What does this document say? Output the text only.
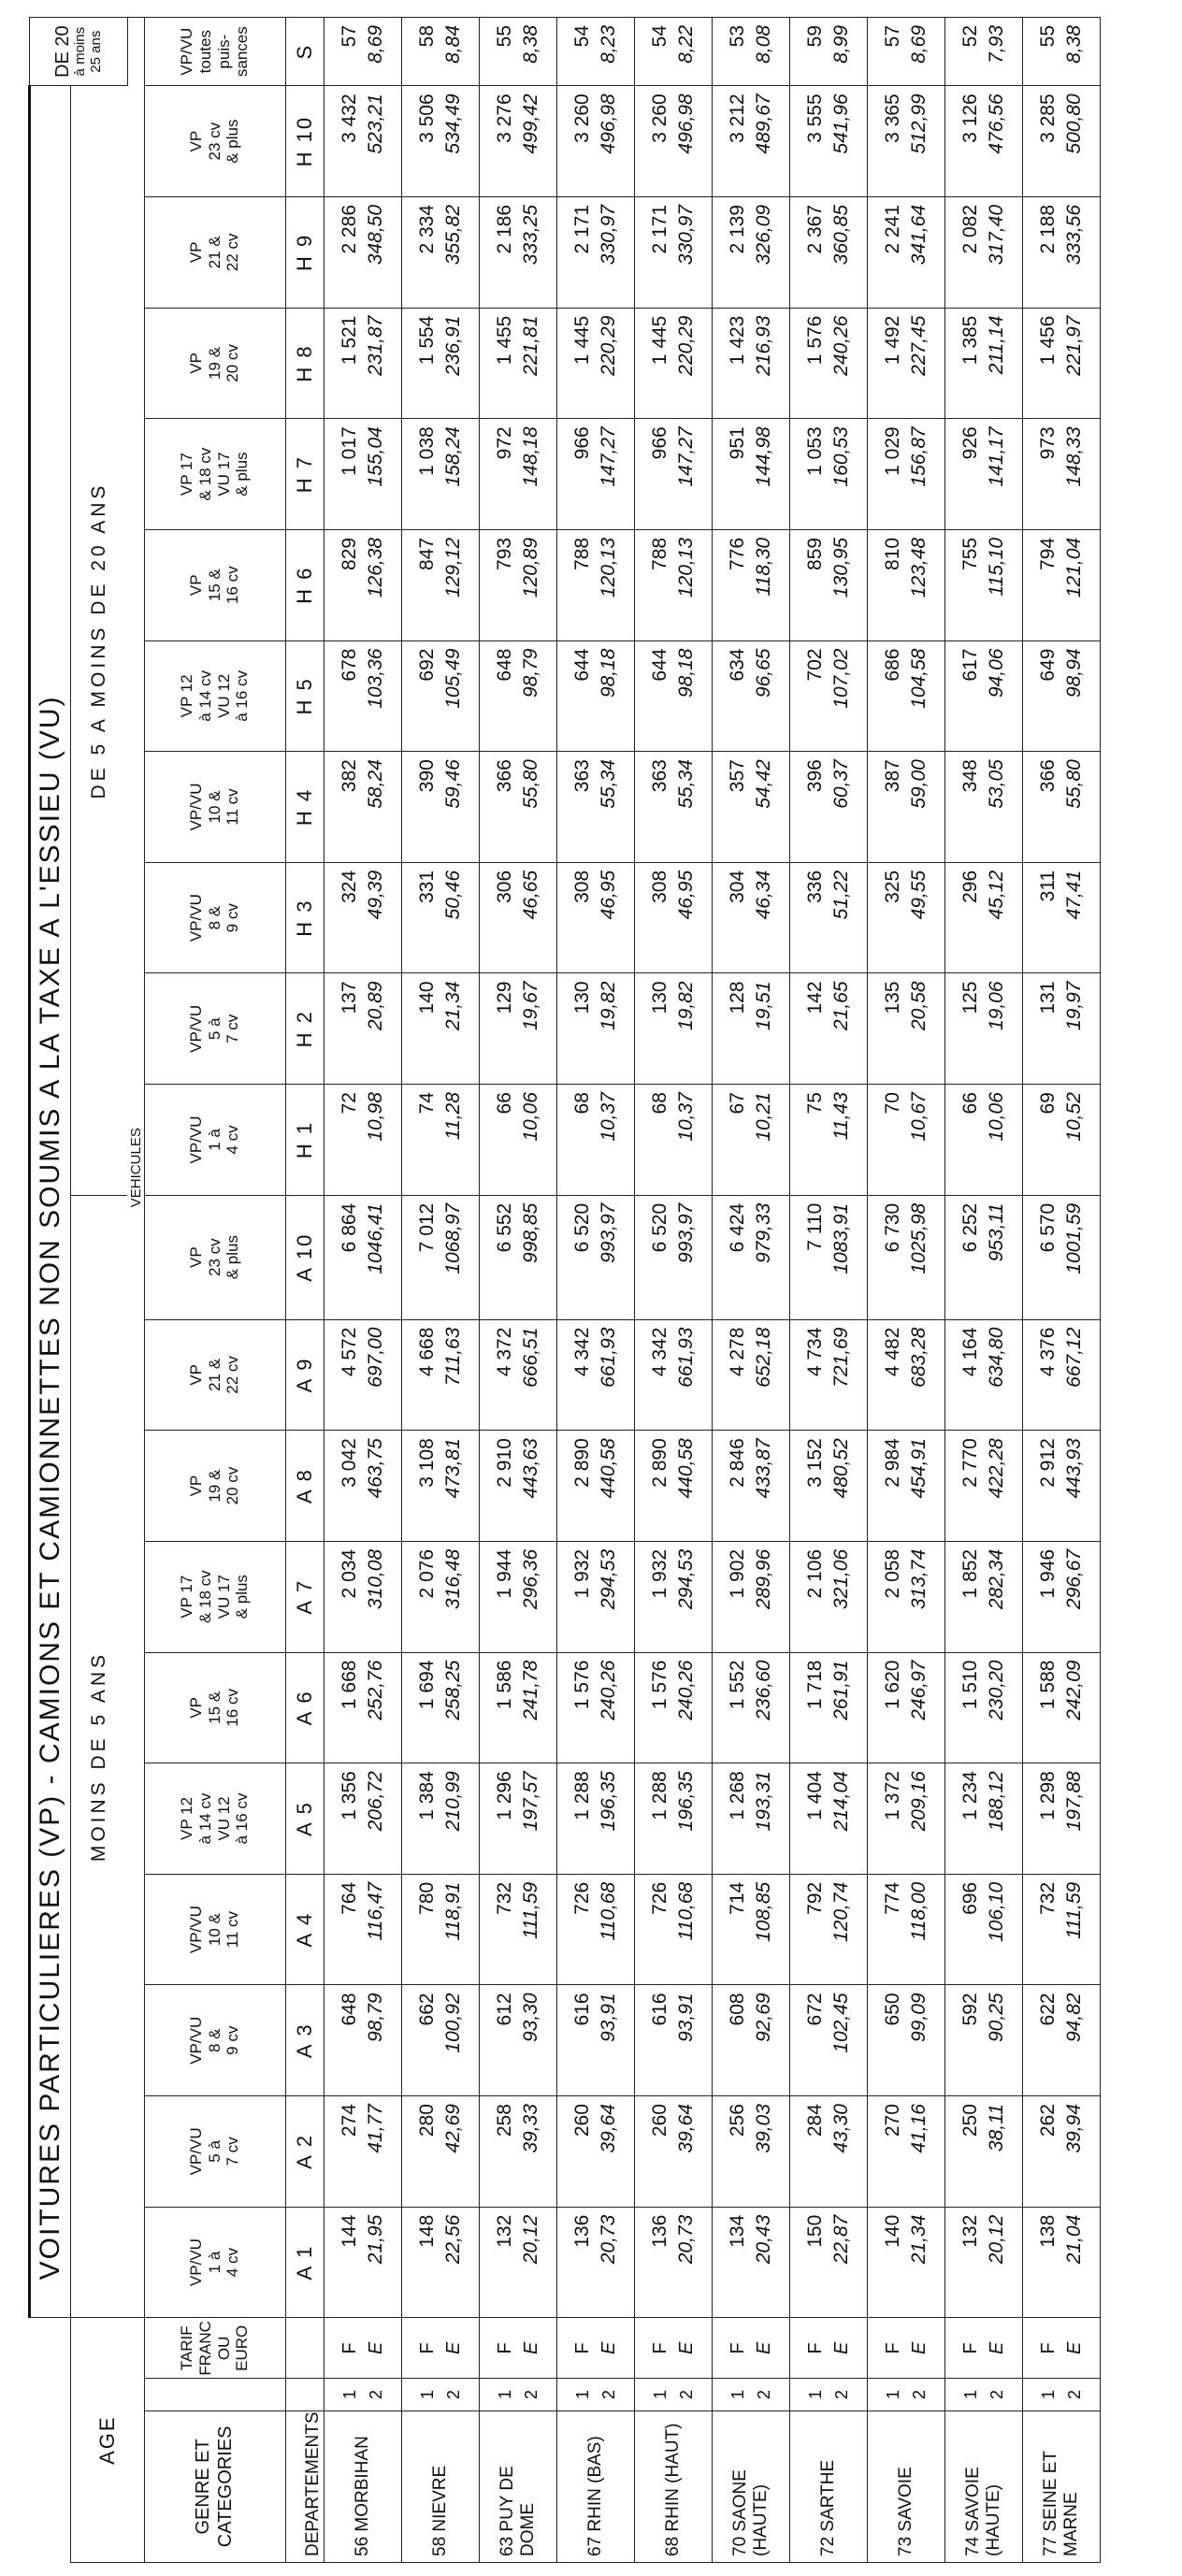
			VOITURES PARTICULIERES (VP) - CAMIONS ET CAMIONNETTES NON SOUMIS A LA TAXE A L'ESSIEU (VU)																				DE 20 à moins 25 ans

AGE			MOINS DE 5 ANS										DE 5 A MOINS DE 20 ANS										
			VEHICULES																				

GENRE ET CATEGORIES		TARIF FRANC OU EURO	VP/VU 1 à 4 cv	VP/VU 5 à 7 cv	VP/VU 8 & 9 cv	VP/VU 10 & 11 cv	VP 12 à 14 cv VU 12 à 16 cv	VP 15 & 16 cv	VP 17 & 18 cv VU 17 & plus	VP 19 & 20 cv	VP 21 & 22 cv	VP 23 cv & plus	VP/VU 1 à 4 cv	VP/VU 5 à 7 cv	VP/VU 8 & 9 cv	VP/VU 10 & 11 cv	VP 12 à 14 cv VU 12 à 16 cv	VP 15 & 16 cv	VP 17 & 18 cv VU 17 & plus	VP 19 & 20 cv	VP 21 & 22 cv	VP 23 cv & plus	VP/VU toutes puis- sances

DEPARTEMENTS			A 1	A 2	A 3	A 4	A 5	A 6	A 7	A 8	A 9	A 10	H 1	H 2	H 3	H 4	H 5	H 6	H 7	H 8	H 9	H 10	S
56 MORBIHAN	1 2	F E	144 21,95	274 41,77	648 98,79	764 116,47	1 356 206,72	1 668 252,76	2 034 310,08	3 042 463,75	4 572 697,00	6 864 1046,41	72 10,98	137 20,89	324 49,39	382 58,24	678 103,36	829 126,38	1 017 155,04	1 521 231,87	2 286 348,50	3 432 523,21	57 8,69

58 NIEVRE	1 2	F E	148 22,56	280 42,69	662 100,92	780 118,91	1 384 210,99	1 694 258,25	2 076 316,48	3 108 473,81	4 668 711,63	7 012 1068,97	74 11,28	140 21,34	331 50,46	390 59,46	692 105,49	847 129,12	1 038 158,24	1 554 236,91	2 334 355,82	3 506 534,49	58 8,84

63 PUY DE DOME	1 2	F E	132 20,12	258 39,33	612 93,30	732 111,59	1 296 197,57	1 586 241,78	1 944 296,36	2 910 443,63	4 372 666,51	6 552 998,85	66 10,06	129 19,67	306 46,65	366 55,80	648 98,79	793 120,89	972 148,18	1 455 221,81	2 186 333,25	3 276 499,42	55 8,38

67 RHIN (BAS)	1 2	F E	136 20,73	260 39,64	616 93,91	726 110,68	1 288 196,35	1 576 240,26	1 932 294,53	2 890 440,58	4 342 661,93	6 520 993,97	68 10,37	130 19,82	308 46,95	363 55,34	644 98,18	788 120,13	966 147,27	1 445 220,29	2 171 330,97	3 260 496,98	54 8,23

68 RHIN (HAUT)	1 2	F E	136 20,73	260 39,64	616 93,91	726 110,68	1 288 196,35	1 576 240,26	1 932 294,53	2 890 440,58	4 342 661,93	6 520 993,97	68 10,37	130 19,82	308 46,95	363 55,34	644 98,18	788 120,13	966 147,27	1 445 220,29	2 171 330,97	3 260 496,98	54 8,22

70 SAONE (HAUTE)	1 2	F E	134 20,43	256 39,03	608 92,69	714 108,85	1 268 193,31	1 552 236,60	1 902 289,96	2 846 433,87	4 278 652,18	6 424 979,33	67 10,21	128 19,51	304 46,34	357 54,42	634 96,65	776 118,30	951 144,98	1 423 216,93	2 139 326,09	3 212 489,67	53 8,08

72 SARTHE	1 2	F E	150 22,87	284 43,30	672 102,45	792 120,74	1 404 214,04	1 718 261,91	2 106 321,06	3 152 480,52	4 734 721,69	7 110 1083,91	75 11,43	142 21,65	336 51,22	396 60,37	702 107,02	859 130,95	1 053 160,53	1 576 240,26	2 367 360,85	3 555 541,96	59 8,99

73 SAVOIE	1 2	F E	140 21,34	270 41,16	650 99,09	774 118,00	1 372 209,16	1 620 246,97	2 058 313,74	2 984 454,91	4 482 683,28	6 730 1025,98	70 10,67	135 20,58	325 49,55	387 59,00	686 104,58	810 123,48	1 029 156,87	1 492 227,45	2 241 341,64	3 365 512,99	57 8,69

74 SAVOIE (HAUTE)	1 2	F E	132 20,12	250 38,11	592 90,25	696 106,10	1 234 188,12	1 510 230,20	1 852 282,34	2 770 422,28	4 164 634,80	6 252 953,11	66 10,06	125 19,06	296 45,12	348 53,05	617 94,06	755 115,10	926 141,17	1 385 211,14	2 082 317,40	3 126 476,56	52 7,93

77 SEINE ET MARNE	1 2	F E	138 21,04	262 39,94	622 94,82	732 111,59	1 298 197,88	1 588 242,09	1 946 296,67	2 912 443,93	4 376 667,12	6 570 1001,59	69 10,52	131 19,97	311 47,41	366 55,80	649 98,94	794 121,04	973 148,33	1 456 221,97	2 188 333,56	3 285 500,80	55 8,38
